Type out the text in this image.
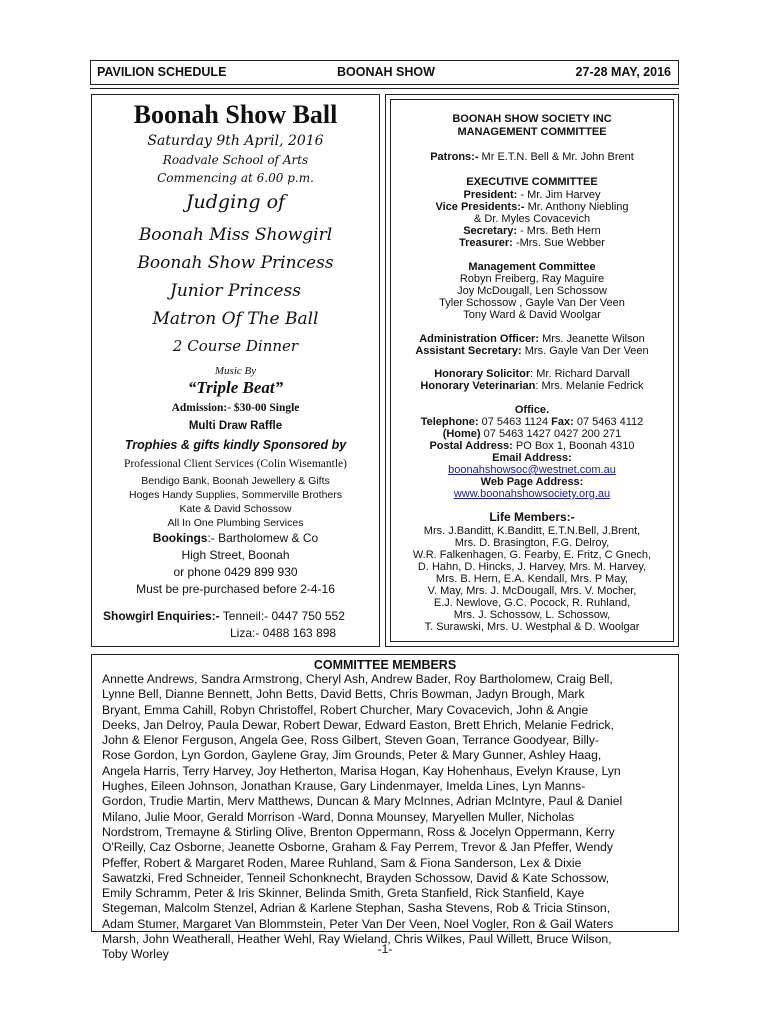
PAVILION SCHEDULE	BOONAH SHOW	27-28 MAY, 2016
Boonah Show Ball
Saturday 9th April, 2016
Roadvale School of Arts
Commencing at 6.00 p.m.
Judging of
Boonah Miss Showgirl
Boonah Show Princess
Junior Princess
Matron Of The Ball
2 Course Dinner
Music By
“Triple Beat”
Admission:- $30-00 Single
Multi Draw Raffle
Trophies & gifts kindly Sponsored by
Professional Client Services (Colin Wisemantle)
Bendigo Bank, Boonah Jewellery & Gifts
Hoges Handy Supplies, Sommerville Brothers
Kate & David Schossow
All In One Plumbing Services
Bookings:- Bartholomew & Co
High Street, Boonah
or phone 0429 899 930
Must be pre-purchased before 2-4-16
Showgirl Enquiries:- Tenneil:- 0447 750 552
Liza:- 0488 163 898
BOONAH SHOW SOCIETY INC
MANAGEMENT COMMITTEE
Patrons:- Mr E.T.N. Bell & Mr. John Brent
EXECUTIVE COMMITTEE
President: - Mr. Jim Harvey
Vice Presidents:- Mr. Anthony Niebling
& Dr. Myles Covacevich
Secretary: - Mrs. Beth Hern
Treasurer: -Mrs. Sue Webber
Management Committee
Robyn Freiberg, Ray Maguire
Joy McDougall, Len Schossow
Tyler Schossow , Gayle Van Der Veen
Tony Ward & David Woolgar
Administration Officer: Mrs. Jeanette Wilson
Assistant Secretary: Mrs. Gayle Van Der Veen
Honorary Solicitor: Mr. Richard Darvall
Honorary Veterinarian: Mrs. Melanie Fedrick
Office.
Telephone: 07 5463 1124 Fax: 07 5463 4112
(Home) 07 5463 1427 0427 200 271
Postal Address: PO Box 1, Boonah 4310
Email Address:
boonahshowsoc@westnet.com.au
Web Page Address:
www.boonahshowsociety.org.au
Life Members:-
Mrs. J.Banditt, K.Banditt, E.T.N.Bell, J.Brent,
Mrs. D. Brasington, F.G. Delroy,
W.R. Falkenhagen, G. Fearby, E. Fritz, C Gnech,
D. Hahn, D. Hincks, J. Harvey, Mrs. M. Harvey,
Mrs. B. Hern, E.A. Kendall, Mrs. P May,
V. May, Mrs. J. McDougall, Mrs. V. Mocher,
E.J. Newlove, G.C. Pocock, R. Ruhland,
Mrs. J. Schossow, L. Schossow,
T. Surawski, Mrs. U. Westphal & D. Woolgar
COMMITTEE MEMBERS
Annette Andrews, Sandra Armstrong, Cheryl Ash, Andrew Bader, Roy Bartholomew, Craig Bell,
Lynne Bell, Dianne Bennett, John Betts, David Betts, Chris Bowman, Jadyn Brough, Mark
Bryant, Emma Cahill, Robyn Christoffel, Robert Churcher, Mary Covacevich, John & Angie
Deeks, Jan Delroy, Paula Dewar, Robert Dewar, Edward Easton, Brett Ehrich, Melanie Fedrick,
John & Elenor Ferguson, Angela Gee, Ross Gilbert, Steven Goan, Terrance Goodyear, Billy-
Rose Gordon, Lyn Gordon, Gaylene Gray, Jim Grounds, Peter & Mary Gunner, Ashley Haag,
Angela Harris, Terry Harvey, Joy Hetherton, Marisa Hogan, Kay Hohenhaus, Evelyn Krause, Lyn
Hughes, Eileen Johnson, Jonathan Krause, Gary Lindenmayer, Imelda Lines, Lyn Manns-
Gordon, Trudie Martin, Merv Matthews, Duncan & Mary McInnes, Adrian McIntyre, Paul & Daniel
Milano, Julie Moor, Gerald Morrison -Ward, Donna Mounsey, Maryellen Muller, Nicholas
Nordstrom, Tremayne & Stirling Olive, Brenton Oppermann, Ross & Jocelyn Oppermann, Kerry
O'Reilly, Caz Osborne, Jeanette Osborne, Graham & Fay Perrem, Trevor & Jan Pfeffer, Wendy
Pfeffer, Robert & Margaret Roden, Maree Ruhland, Sam & Fiona Sanderson, Lex & Dixie
Sawatzki, Fred Schneider, Tenneil Schonknecht, Brayden Schossow, David & Kate Schossow,
Emily Schramm, Peter & Iris Skinner, Belinda Smith, Greta Stanfield, Rick Stanfield, Kaye
Stegeman, Malcolm Stenzel, Adrian & Karlene Stephan, Sasha Stevens, Rob & Tricia Stinson,
Adam Stumer, Margaret Van Blommstein, Peter Van Der Veen, Noel Vogler, Ron & Gail Waters
Marsh, John Weatherall, Heather Wehl, Ray Wieland, Chris Wilkes, Paul Willett, Bruce Wilson,
Toby Worley	-1-
